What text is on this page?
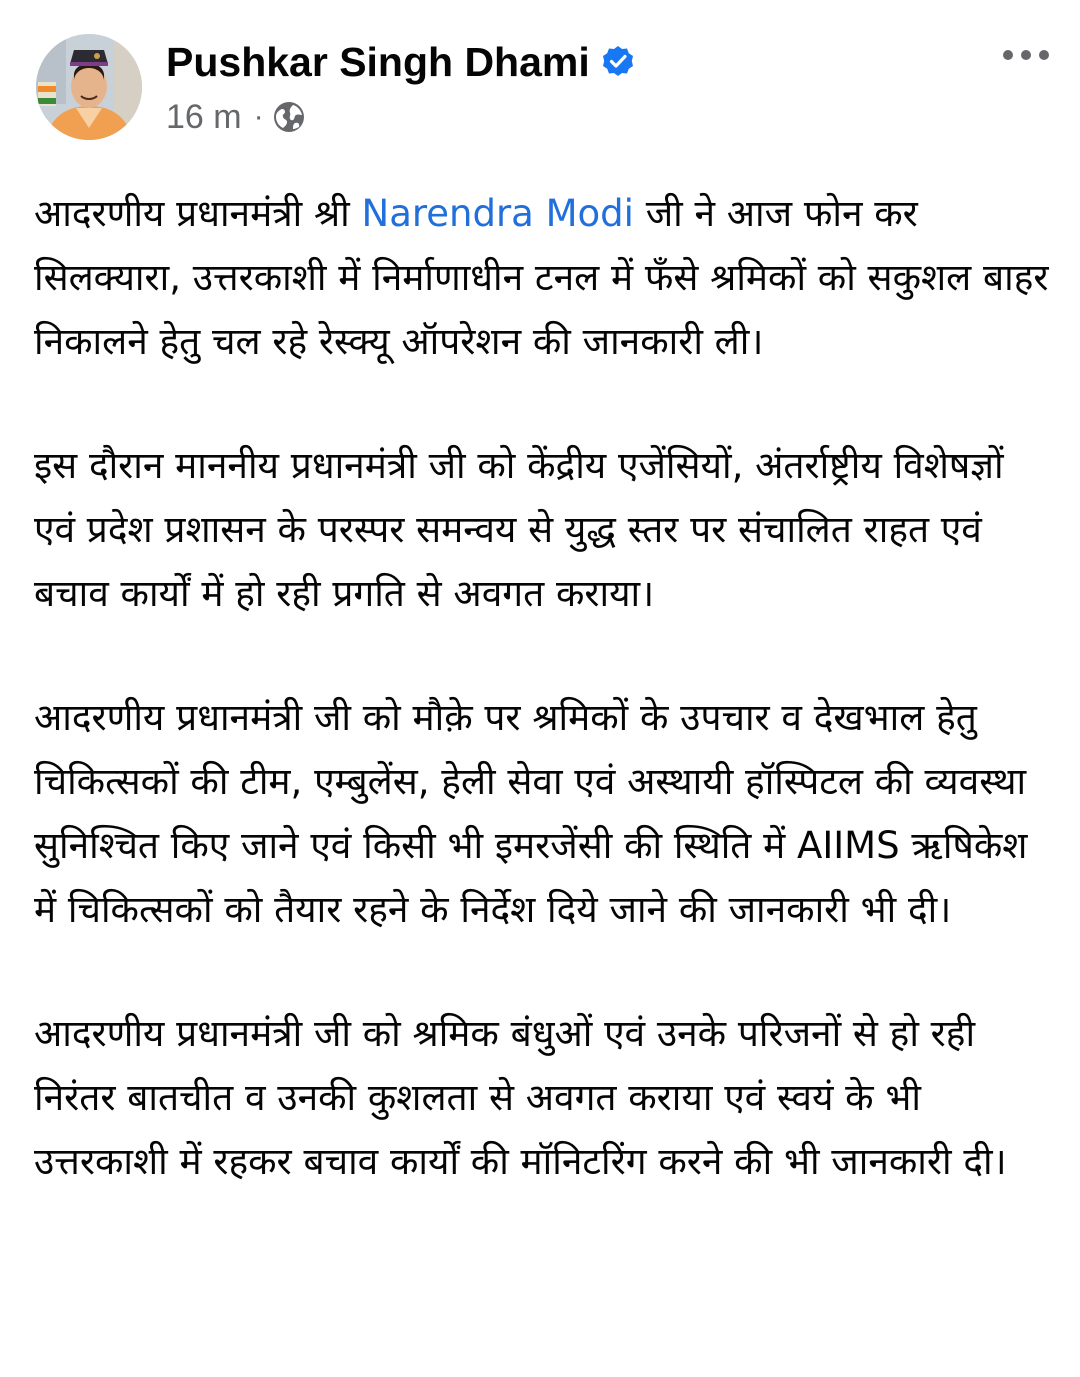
Pushkar Singh Dhami
16 m ·

आदरणीय प्रधानमंत्री श्री Narendra Modi जी ने आज फोन कर सिलक्यारा, उत्तरकाशी में निर्माणाधीन टनल में फँसे श्रमिकों को सकुशल बाहर निकालने हेतु चल रहे रेस्क्यू ऑपरेशन की जानकारी ली।

इस दौरान माननीय प्रधानमंत्री जी को केंद्रीय एजेंसियों, अंतर्राष्ट्रीय विशेषज्ञों एवं प्रदेश प्रशासन के परस्पर समन्वय से युद्ध स्तर पर संचालित राहत एवं बचाव कार्यों में हो रही प्रगति से अवगत कराया।

आदरणीय प्रधानमंत्री जी को मौक़े पर श्रमिकों के उपचार व देखभाल हेतु चिकित्सकों की टीम, एम्बुलेंस, हेली सेवा एवं अस्थायी हॉस्पिटल की व्यवस्था सुनिश्चित किए जाने एवं किसी भी इमरजेंसी की स्थिति में AIIMS ऋषिकेश में चिकित्सकों को तैयार रहने के निर्देश दिये जाने की जानकारी भी दी।

आदरणीय प्रधानमंत्री जी को श्रमिक बंधुओं एवं उनके परिजनों से हो रही निरंतर बातचीत व उनकी कुशलता से अवगत कराया एवं स्वयं के भी उत्तरकाशी में रहकर बचाव कार्यों की मॉनिटरिंग करने की भी जानकारी दी।
